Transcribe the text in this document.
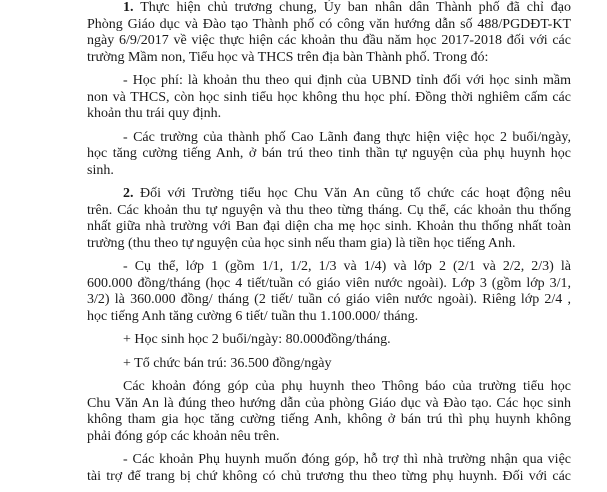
1. Thực hiện chủ trương chung, Ủy ban nhân dân Thành phố đã chỉ đạo
Phòng Giáo dục và Đào tạo Thành phố có công văn hướng dẫn số 488/PGDĐT-KT
ngày 6/9/2017 về việc thực hiện các khoản thu đầu năm học 2017-2018 đối với các
trường Mầm non, Tiểu học và THCS trên địa bàn Thành phố. Trong đó:
- Học phí: là khoản thu theo qui định của UBND tỉnh đối với học sinh mầm
non và THCS, còn học sinh tiểu học không thu học phí. Đồng thời nghiêm cấm các
khoản thu trái quy định.
- Các trường của thành phố Cao Lãnh đang thực hiện việc học 2 buổi/ngày,
học tăng cường tiếng Anh, ở bán trú theo tinh thần tự nguyện của phụ huynh học
sinh.
2. Đối với Trường tiểu học Chu Văn An cũng tổ chức các hoạt động nêu
trên. Các khoản thu tự nguyện và thu theo từng tháng. Cụ thể, các khoản thu thống
nhất giữa nhà trường với Ban đại diện cha mẹ học sinh. Khoản thu thống nhất toàn
trường (thu theo tự nguyện của học sinh nếu tham gia) là tiền học tiếng Anh.
- Cụ thể, lớp 1 (gồm 1/1, 1/2, 1/3 và 1/4) và lớp 2 (2/1 và 2/2, 2/3) là
600.000 đồng/tháng (học 4 tiết/tuần có giáo viên nước ngoài). Lớp 3 (gồm lớp 3/1,
3/2) là 360.000 đồng/ tháng (2 tiết/ tuần có giáo viên nước ngoài). Riêng lớp 2/4 ,
học tiếng Anh tăng cường 6 tiết/ tuần thu 1.100.000/ tháng.
+ Học sinh học 2 buổi/ngày: 80.000đồng/tháng.
+ Tổ chức bán trú: 36.500 đồng/ngày
Các khoản đóng góp của phụ huynh theo Thông báo của trường tiểu học
Chu Văn An là đúng theo hướng dẫn của phòng Giáo dục và Đào tạo. Các học sinh
không tham gia học tăng cường tiếng Anh, không ở bán trú thì phụ huynh không
phải đóng góp các khoản nêu trên.
- Các khoản Phụ huynh muốn đóng góp, hỗ trợ thì nhà trường nhận qua việc
tài trợ để trang bị chứ không có chủ trương thu theo từng phụ huynh. Đối với các
